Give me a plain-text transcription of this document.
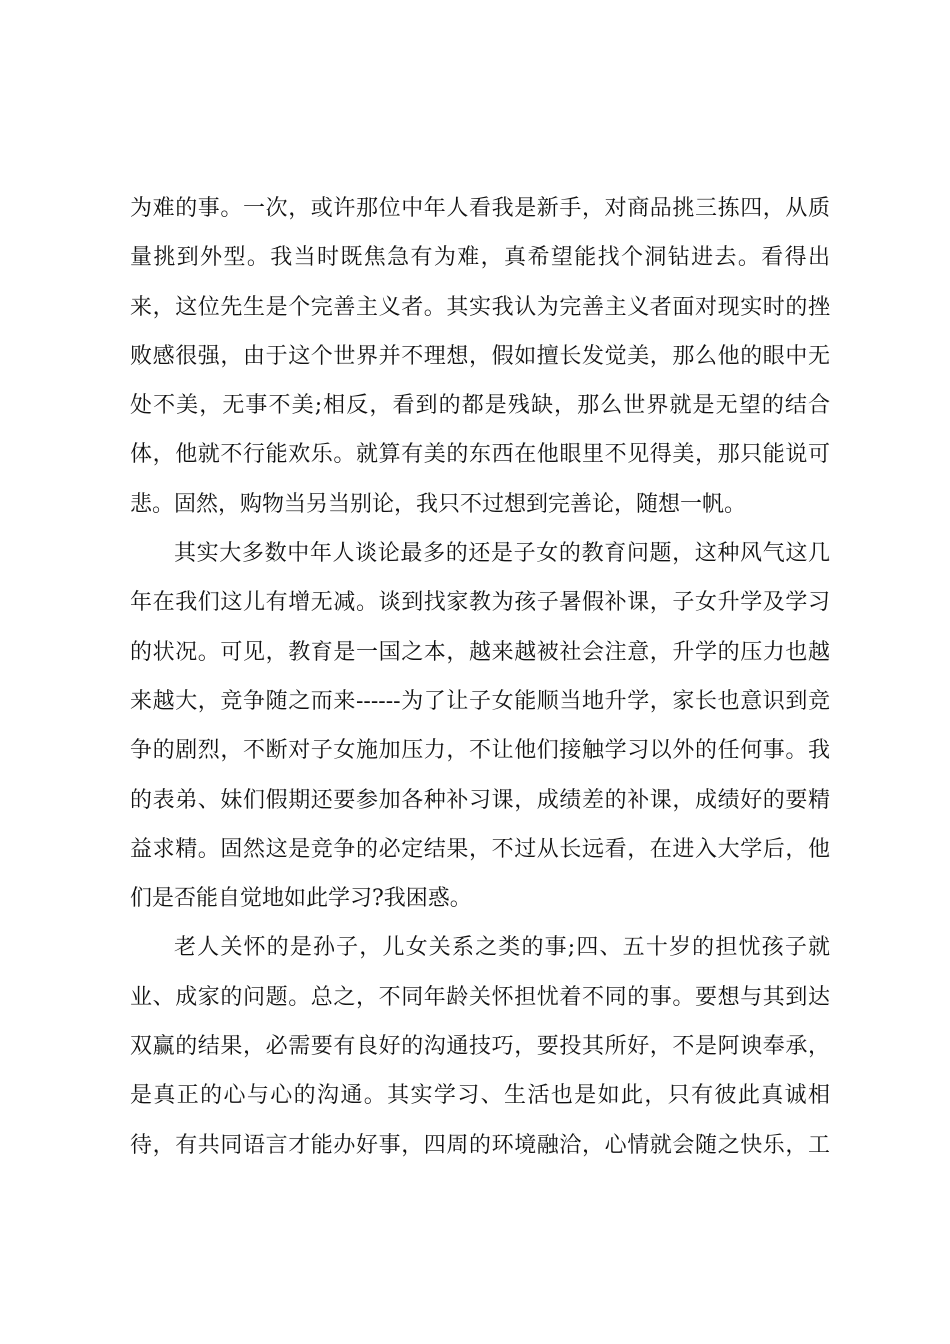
为难的事。一次，或许那位中年人看我是新手，对商品挑三拣四，从质
量挑到外型。我当时既焦急有为难，真希望能找个洞钻进去。看得出
来，这位先生是个完善主义者。其实我认为完善主义者面对现实时的挫
败感很强，由于这个世界并不理想，假如擅长发觉美，那么他的眼中无
处不美，无事不美;相反，看到的都是残缺，那么世界就是无望的结合
体，他就不行能欢乐。就算有美的东西在他眼里不见得美，那只能说可
悲。固然，购物当另当别论，我只不过想到完善论，随想一帆。
其实大多数中年人谈论最多的还是子女的教育问题，这种风气这几
年在我们这儿有增无减。谈到找家教为孩子暑假补课，子女升学及学习
的状况。可见，教育是一国之本，越来越被社会注意，升学的压力也越
来越大，竞争随之而来------为了让子女能顺当地升学，家长也意识到竞
争的剧烈，不断对子女施加压力，不让他们接触学习以外的任何事。我
的表弟、妹们假期还要参加各种补习课，成绩差的补课，成绩好的要精
益求精。固然这是竞争的必定结果，不过从长远看，在进入大学后，他
们是否能自觉地如此学习?我困惑。
老人关怀的是孙子，儿女关系之类的事;四、五十岁的担忧孩子就
业、成家的问题。总之，不同年龄关怀担忧着不同的事。要想与其到达
双赢的结果，必需要有良好的沟通技巧，要投其所好，不是阿谀奉承，
是真正的心与心的沟通。其实学习、生活也是如此，只有彼此真诚相
待，有共同语言才能办好事，四周的环境融洽，心情就会随之快乐，工
